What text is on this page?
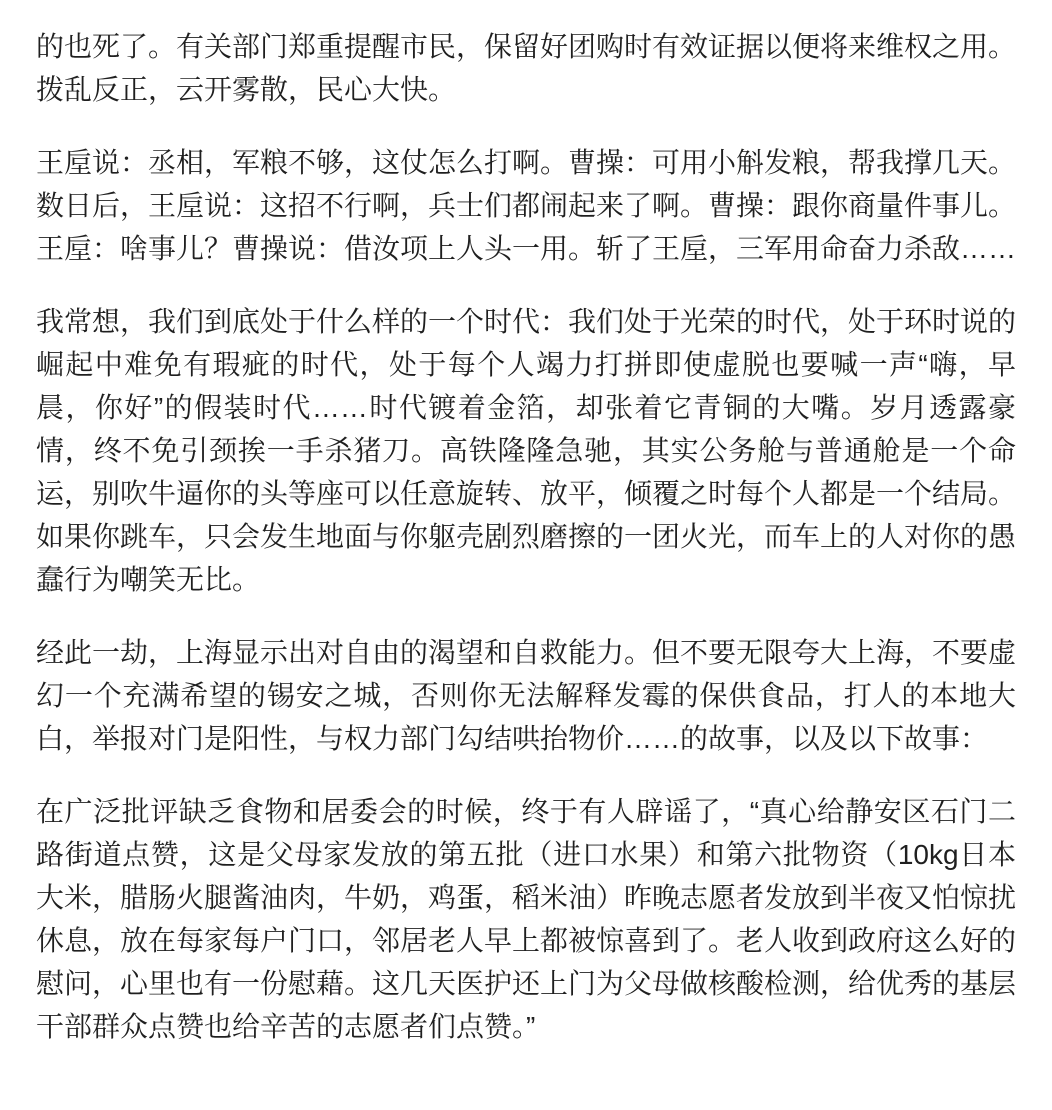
的也死了。有关部门郑重提醒市民，保留好团购时有效证据以便将来维权之用。拨乱反正，云开雾散，民心大快。

王垕说：丞相，军粮不够，这仗怎么打啊。曹操：可用小斛发粮，帮我撑几天。数日后，王垕说：这招不行啊，兵士们都闹起来了啊。曹操：跟你商量件事儿。王垕：啥事儿？曹操说：借汝项上人头一用。斩了王垕，三军用命奋力杀敌……

我常想，我们到底处于什么样的一个时代：我们处于光荣的时代，处于环时说的崛起中难免有瑕疵的时代，处于每个人竭力打拼即使虚脱也要喊一声“嗨，早晨，你好”的假装时代……时代镀着金箔，却张着它青铜的大嘴。岁月透露豪情，终不免引颈挨一手杀猪刀。高铁隆隆急驰，其实公务舱与普通舱是一个命运，别吹牛逼你的头等座可以任意旋转、放平，倾覆之时每个人都是一个结局。如果你跳车，只会发生地面与你躯壳剧烈磨擦的一团火光，而车上的人对你的愚蠢行为嘲笑无比。

经此一劫，上海显示出对自由的渴望和自救能力。但不要无限夸大上海，不要虚幻一个充满希望的锡安之城，否则你无法解释发霉的保供食品，打人的本地大白，举报对门是阳性，与权力部门勾结哄抬物价……的故事，以及以下故事：

在广泛批评缺乏食物和居委会的时候，终于有人辟谣了，“真心给静安区石门二路街道点赞，这是父母家发放的第五批（进口水果）和第六批物资（10kg日本大米，腊肠火腿酱油肉，牛奶，鸡蛋，稻米油）昨晚志愿者发放到半夜又怕惊扰休息，放在每家每户门口，邻居老人早上都被惊喜到了。老人收到政府这么好的慰问，心里也有一份慰藉。这几天医护还上门为父母做核酸检测，给优秀的基层干部群众点赞也给辛苦的志愿者们点赞。”
